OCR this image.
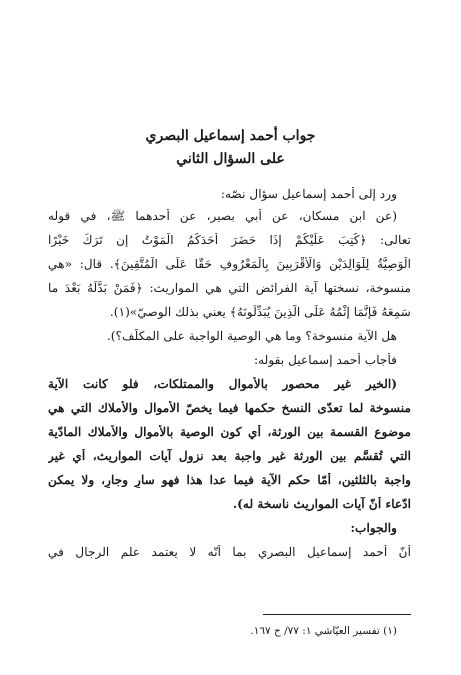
جواب أحمد إسماعيل البصري
على السؤال الثاني
ورد إلى أحمد إسماعيل سؤال نصّه:
(عن ابن مسكان، عن أبي بصير، عن أحدهما ﷺ، في قوله
تعالى: ﴿كُتِبَ عَلَيْكُمْ إِذَا حَضَرَ أَحَدَكُمُ الْمَوْتُ إِن تَرَكَ خَيْرًا
الْوَصِيَّةُ لِلْوَالِدَيْنِ وَالْأَقْرَبِينَ بِالْمَعْرُوفِ حَقًّا عَلَى الْمُتَّقِينَ﴾. قال: «هي
منسوخة، نسختها آية الفرائض التي هي المواريث: ﴿فَمَنْ بَدَّلَهُ بَعْدَ ما
سَمِعَهُ فَإِنَّمَا إِثْمُهُ عَلَى الَّذِينَ يُبَدِّلُونَهُ﴾ يعني بذلك الوصيّ»(١).
هل الآية منسوخة؟ وما هي الوصية الواجبة على المكلّف؟).
فأجاب أحمد إسماعيل بقوله:
(الخير غير محصور بالأموال والممتلكات، فلو كانت الآية
منسوخة لما تعدّى النسخ حكمها فيما يخصّ الأموال والأملاك التي هي
موضوع القسمة بين الورثة، أي كون الوصية بالأموال والأملاك المادّية
التي تُقسَّم بين الورثة غير واجبة بعد نزول آيات المواريث، أي غير
واجبة بالثلثين، أمّا حكم الآية فيما عدا هذا فهو سارٍ وجارٍ، ولا يمكن
ادّعاء أنّ آيات المواريث ناسخة له).
والجواب:
أنّ أحمد إسماعيل البصري بما أنّه لا يعتمد علم الرجال في
(١) تفسير العيّاشي ١: ٧٧/ ح ١٦٧.
